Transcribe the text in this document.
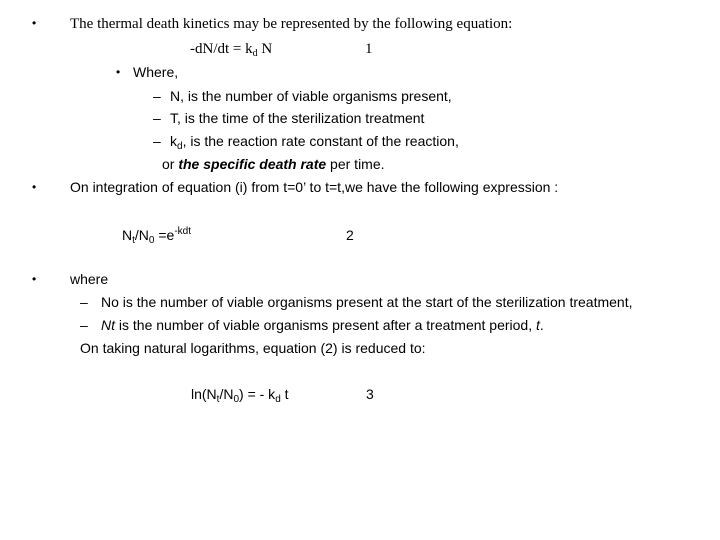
• The thermal death kinetics may be represented by the following equation:
$-dN/dt = k_d$ N	1
• Where,
– N, is the number of viable organisms present,
– T, is the time of the sterilization treatment
– $k_d$, is the reaction rate constant of the reaction,
or the specific death rate per time.
• On integration of equation (i) from t=0’ to t=t,we have the following expression :
$N_t/N_0 =e^{-kdt}$	2
• where
– No is the number of viable organisms present at the start of the sterilization treatment,
– Nt is the number of viable organisms present after a treatment period, t.
On taking natural logarithms, equation (2) is reduced to:
$\ln(N_t/N_0)$ = - $k_d$ t	3
